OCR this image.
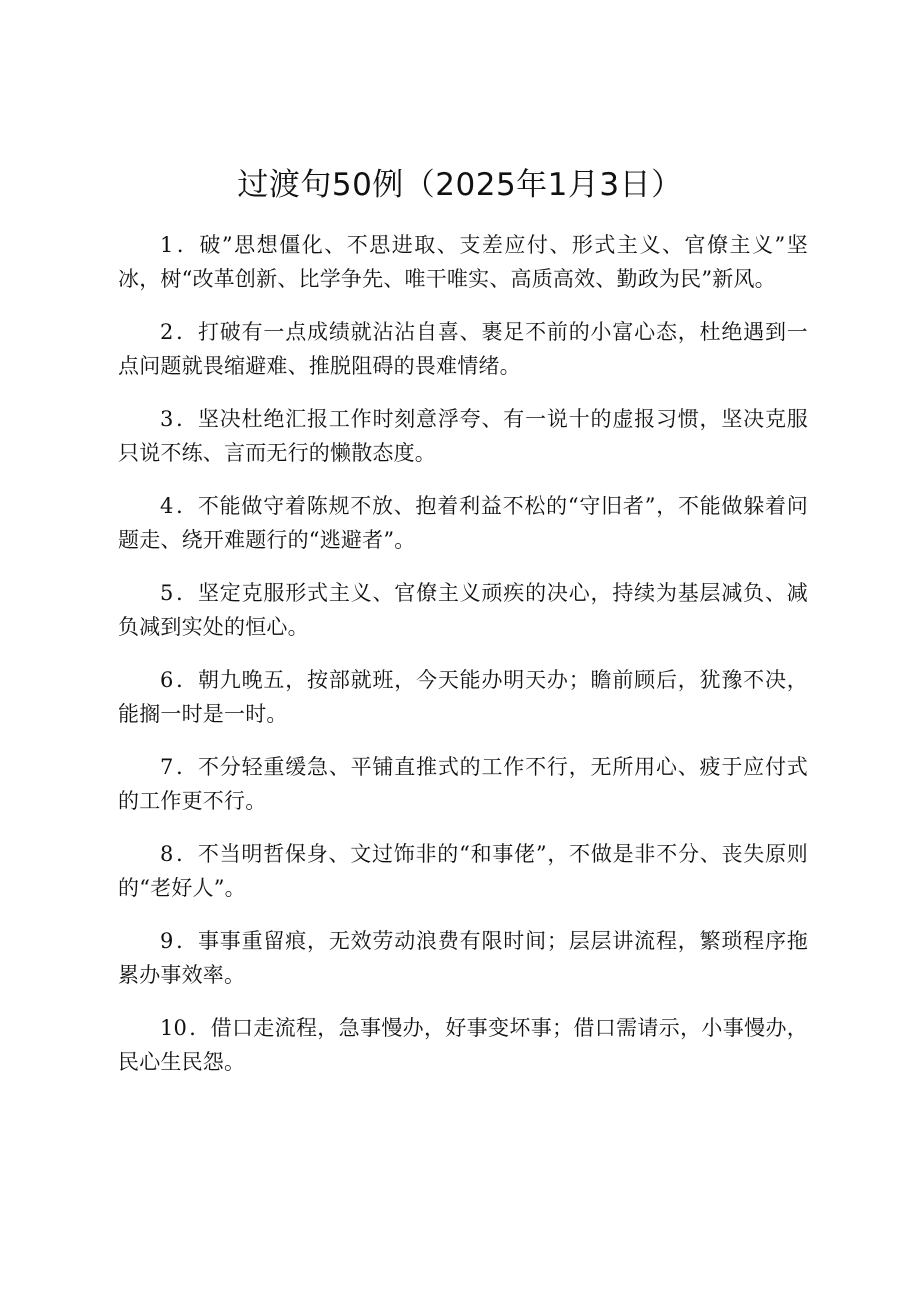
过渡句50例（2025年1月3日）
1．破”思想僵化、不思进取、支差应付、形式主义、官僚主义”坚冰，树“改革创新、比学争先、唯干唯实、高质高效、勤政为民”新风。
2．打破有一点成绩就沾沾自喜、裹足不前的小富心态，杜绝遇到一点问题就畏缩避难、推脱阻碍的畏难情绪。
3．坚决杜绝汇报工作时刻意浮夸、有一说十的虚报习惯，坚决克服只说不练、言而无行的懒散态度。
4．不能做守着陈规不放、抱着利益不松的“守旧者”，不能做躲着问题走、绕开难题行的“逃避者”。
5．坚定克服形式主义、官僚主义顽疾的决心，持续为基层减负、减负减到实处的恒心。
6．朝九晚五，按部就班，今天能办明天办；瞻前顾后，犹豫不决，能搁一时是一时。
7．不分轻重缓急、平铺直推式的工作不行，无所用心、疲于应付式的工作更不行。
8．不当明哲保身、文过饰非的“和事佬”，不做是非不分、丧失原则的“老好人”。
9．事事重留痕，无效劳动浪费有限时间；层层讲流程，繁琐程序拖累办事效率。
10．借口走流程，急事慢办，好事变坏事；借口需请示，小事慢办，民心生民怨。
